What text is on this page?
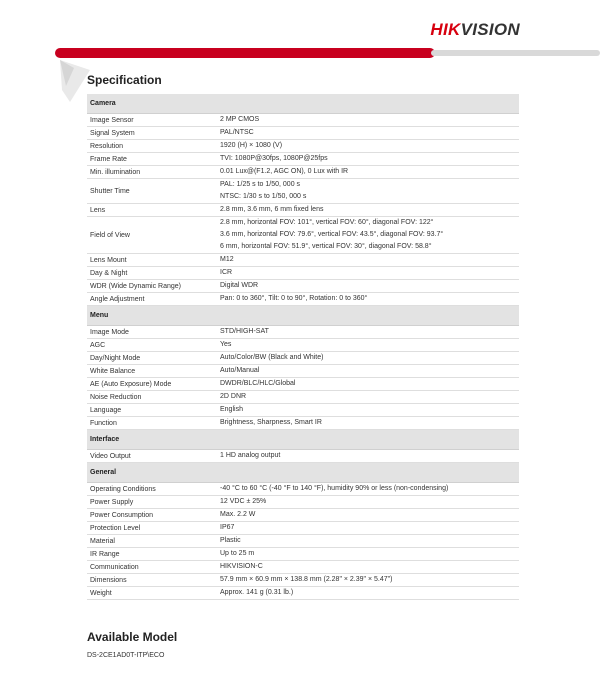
HIKVISION
Specification
Camera	
Image Sensor	2 MP CMOS

Signal System	PAL/NTSC

Resolution	1920 (H) × 1080 (V)

Frame Rate	TVI: 1080P@30fps, 1080P@25fps

Min. illumination	0.01 Lux@(F1.2, AGC ON), 0 Lux with IR

Shutter Time	PAL: 1/25 s to 1/50, 000 s
NTSC: 1/30 s to 1/50, 000 s

Lens	2.8 mm, 3.6 mm, 6 mm fixed lens

Field of View	2.8 mm, horizontal FOV: 101°, vertical FOV: 60°, diagonal FOV: 122°
3.6 mm, horizontal FOV: 79.6°, vertical FOV: 43.5°, diagonal FOV: 93.7°
6 mm, horizontal FOV: 51.9°, vertical FOV: 30°, diagonal FOV: 58.8°

Lens Mount	M12

Day & Night	ICR

WDR (Wide Dynamic Range)	Digital WDR

Angle Adjustment	Pan: 0 to 360°, Tilt: 0 to 90°, Rotation: 0 to 360°

Menu	
Image Mode	STD/HIGH-SAT

AGC	Yes

Day/Night Mode	Auto/Color/BW (Black and White)

White Balance	Auto/Manual

AE (Auto Exposure) Mode	DWDR/BLC/HLC/Global

Noise Reduction	2D DNR

Language	English

Function	Brightness, Sharpness, Smart IR

Interface	
Video Output	1 HD analog output

General	
Operating Conditions	-40 °C to 60 °C (-40 °F to 140 °F), humidity 90% or less (non-condensing)

Power Supply	12 VDC ± 25%

Power Consumption	Max. 2.2 W

Protection Level	IP67

Material	Plastic

IR Range	Up to 25 m

Communication	HIKVISION-C

Dimensions	57.9 mm × 60.9 mm × 138.8 mm (2.28" × 2.39" × 5.47")

Weight	Approx. 141 g (0.31 lb.)
Available Model
DS-2CE1AD0T-ITP\ECO
